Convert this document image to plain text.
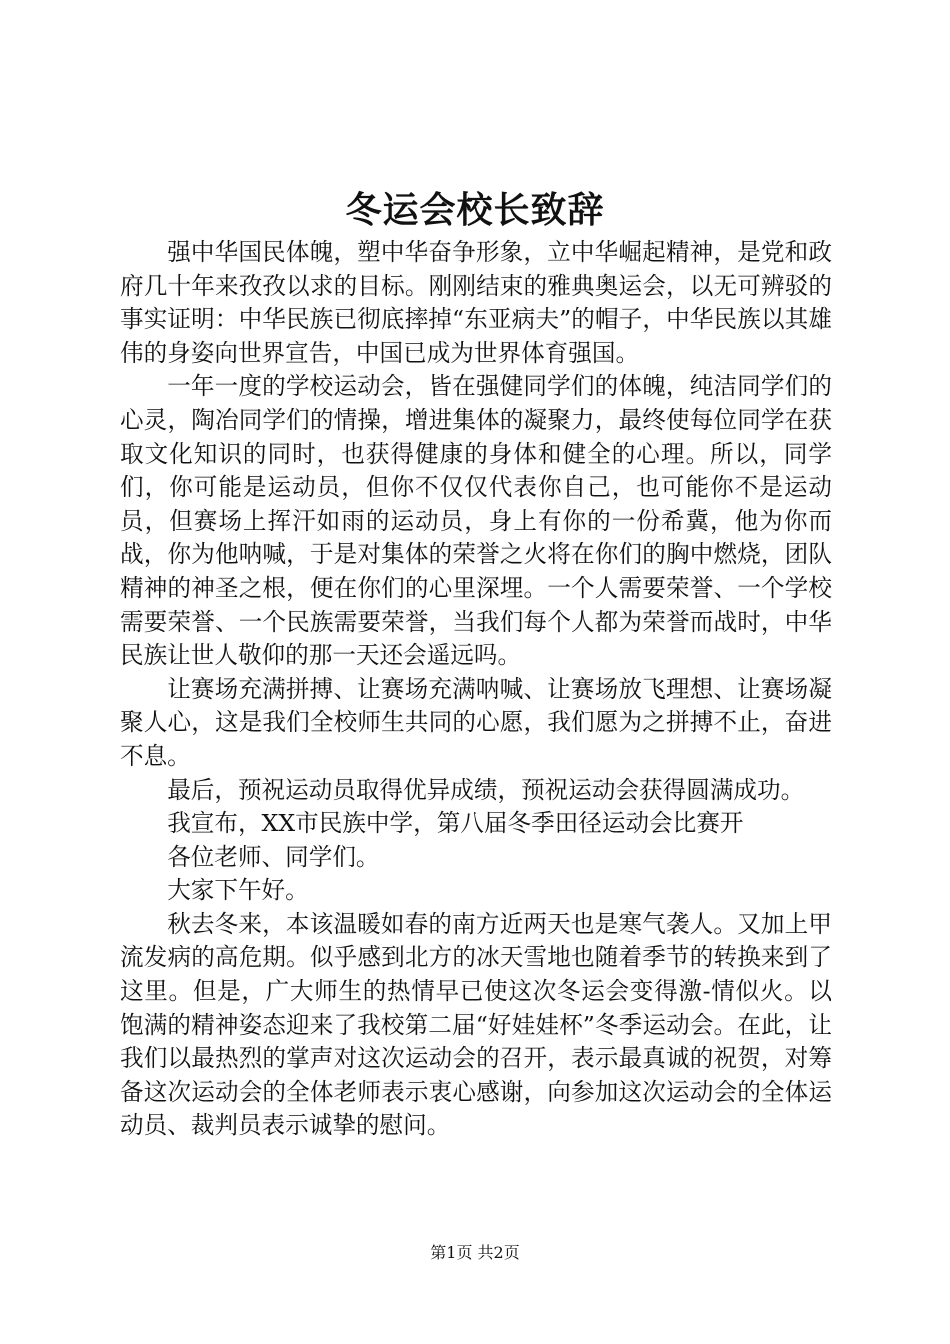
冬运会校长致辞

强中华国民体魄，塑中华奋争形象，立中华崛起精神，是党和政府几十年来孜孜以求的目标。刚刚结束的雅典奥运会，以无可辨驳的事实证明：中华民族已彻底摔掉“东亚病夫”的帽子，中华民族以其雄伟的身姿向世界宣告，中国已成为世界体育强国。

一年一度的学校运动会，皆在强健同学们的体魄，纯洁同学们的心灵，陶冶同学们的情操，增进集体的凝聚力，最终使每位同学在获取文化知识的同时，也获得健康的身体和健全的心理。所以，同学们，你可能是运动员，但你不仅仅代表你自己，也可能你不是运动员，但赛场上挥汗如雨的运动员，身上有你的一份希冀，他为你而战，你为他呐喊，于是对集体的荣誉之火将在你们的胸中燃烧，团队精神的神圣之根，便在你们的心里深埋。一个人需要荣誉、一个学校需要荣誉、一个民族需要荣誉，当我们每个人都为荣誉而战时，中华民族让世人敬仰的那一天还会遥远吗。

让赛场充满拼搏、让赛场充满呐喊、让赛场放飞理想、让赛场凝聚人心，这是我们全校师生共同的心愿，我们愿为之拼搏不止，奋进不息。

最后，预祝运动员取得优异成绩，预祝运动会获得圆满成功。

我宣布，XX市民族中学，第八届冬季田径运动会比赛开

各位老师、同学们。

大家下午好。

秋去冬来，本该温暖如春的南方近两天也是寒气袭人。又加上甲流发病的高危期。似乎感到北方的冰天雪地也随着季节的转换来到了这里。但是，广大师生的热情早已使这次冬运会变得激-情似火。以饱满的精神姿态迎来了我校第二届“好娃娃杯”冬季运动会。在此，让我们以最热烈的掌声对这次运动会的召开，表示最真诚的祝贺，对筹备这次运动会的全体老师表示衷心感谢，向参加这次运动会的全体运动员、裁判员表示诚挚的慰问。

第1页 共2页
